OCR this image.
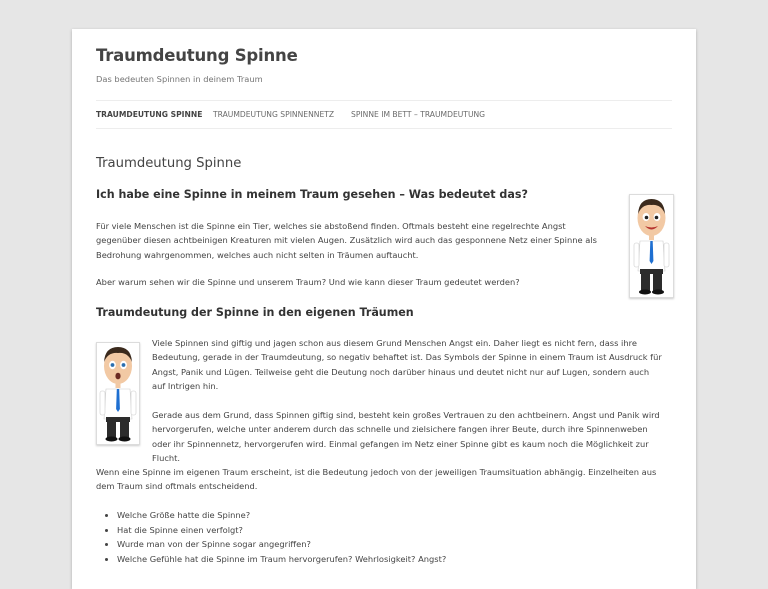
Traumdeutung Spinne

Das bedeuten Spinnen in deinem Traum

TRAUMDEUTUNG SPINNE TRAUMDEUTUNG SPINNENNETZ SPINNE IM BETT – TRAUMDEUTUNG
Traumdeutung Spinne
Ich habe eine Spinne in meinem Traum gesehen – Was bedeutet das?

Für viele Menschen ist die Spinne ein Tier, welches sie abstoßend finden. Oftmals besteht eine regelrechte Angst gegenüber diesen achtbeinigen Kreaturen mit vielen Augen. Zusätzlich wird auch das gesponnene Netz einer Spinne als Bedrohung wahrgenommen, welches auch nicht selten in Träumen auftaucht.

Aber warum sehen wir die Spinne und unserem Traum? Und wie kann dieser Traum gedeutet werden?

Traumdeutung der Spinne in den eigenen Träumen

Viele Spinnen sind giftig und jagen schon aus diesem Grund Menschen Angst ein. Daher liegt es nicht fern, dass ihre Bedeutung, gerade in der Traumdeutung, so negativ behaftet ist. Das Symbols der Spinne in einem Traum ist Ausdruck für Angst, Panik und Lügen. Teilweise geht die Deutung noch darüber hinaus und deutet nicht nur auf Lugen, sondern auch auf Intrigen hin.

Gerade aus dem Grund, dass Spinnen giftig sind, besteht kein großes Vertrauen zu den achtbeinern. Angst und Panik wird hervorgerufen, welche unter anderem durch das schnelle und zielsichere fangen ihrer Beute, durch ihre Spinnenweben oder ihr Spinnennetz, hervorgerufen wird. Einmal gefangen im Netz einer Spinne gibt es kaum noch die Möglichkeit zur Flucht.

Wenn eine Spinne im eigenen Traum erscheint, ist die Bedeutung jedoch von der jeweiligen Traumsituation abhängig. Einzelheiten aus dem Traum sind oftmals entscheidend.

• Welche Größe hatte die Spinne?
• Hat die Spinne einen verfolgt?
• Wurde man von der Spinne sogar angegriffen?
• Welche Gefühle hat die Spinne im Traum hervorgerufen? Wehrlosigkeit? Angst?
